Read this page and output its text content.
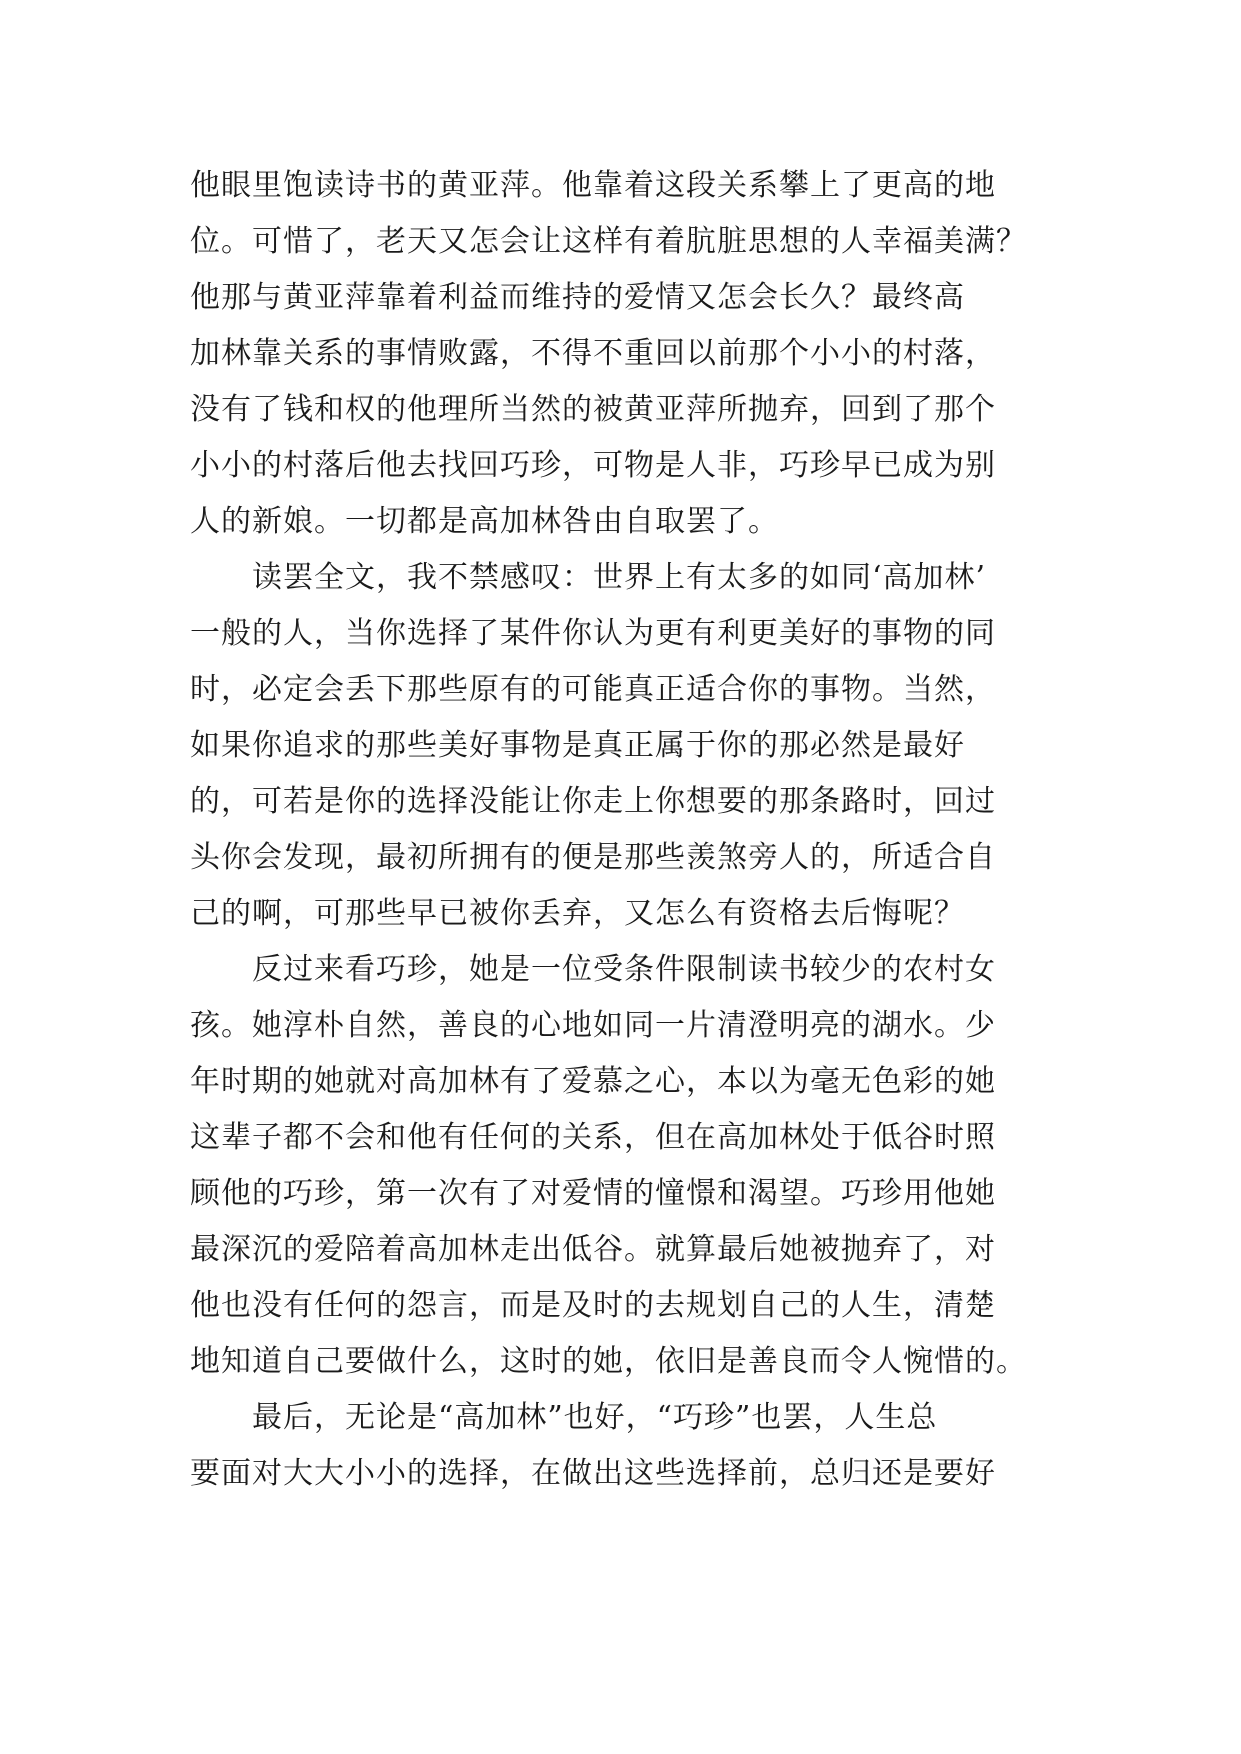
他眼里饱读诗书的黄亚萍。他靠着这段关系攀上了更高的地
位。可惜了，老天又怎会让这样有着肮脏思想的人幸福美满？
他那与黄亚萍靠着利益而维持的爱情又怎会长久？最终高
加林靠关系的事情败露，不得不重回以前那个小小的村落，
没有了钱和权的他理所当然的被黄亚萍所抛弃，回到了那个
小小的村落后他去找回巧珍，可物是人非，巧珍早已成为别
人的新娘。一切都是高加林咎由自取罢了。
读罢全文，我不禁感叹：世界上有太多的如同‘高加林’
一般的人，当你选择了某件你认为更有利更美好的事物的同
时，必定会丢下那些原有的可能真正适合你的事物。当然，
如果你追求的那些美好事物是真正属于你的那必然是最好
的，可若是你的选择没能让你走上你想要的那条路时，回过
头你会发现，最初所拥有的便是那些羡煞旁人的，所适合自
己的啊，可那些早已被你丢弃，又怎么有资格去后悔呢？
反过来看巧珍，她是一位受条件限制读书较少的农村女
孩。她淳朴自然，善良的心地如同一片清澄明亮的湖水。少
年时期的她就对高加林有了爱慕之心，本以为毫无色彩的她
这辈子都不会和他有任何的关系，但在高加林处于低谷时照
顾他的巧珍，第一次有了对爱情的憧憬和渴望。巧珍用他她
最深沉的爱陪着高加林走出低谷。就算最后她被抛弃了，对
他也没有任何的怨言，而是及时的去规划自己的人生，清楚
地知道自己要做什么，这时的她，依旧是善良而令人惋惜的。
最后，无论是“高加林”也好，“巧珍”也罢，人生总
要面对大大小小的选择，在做出这些选择前，总归还是要好
